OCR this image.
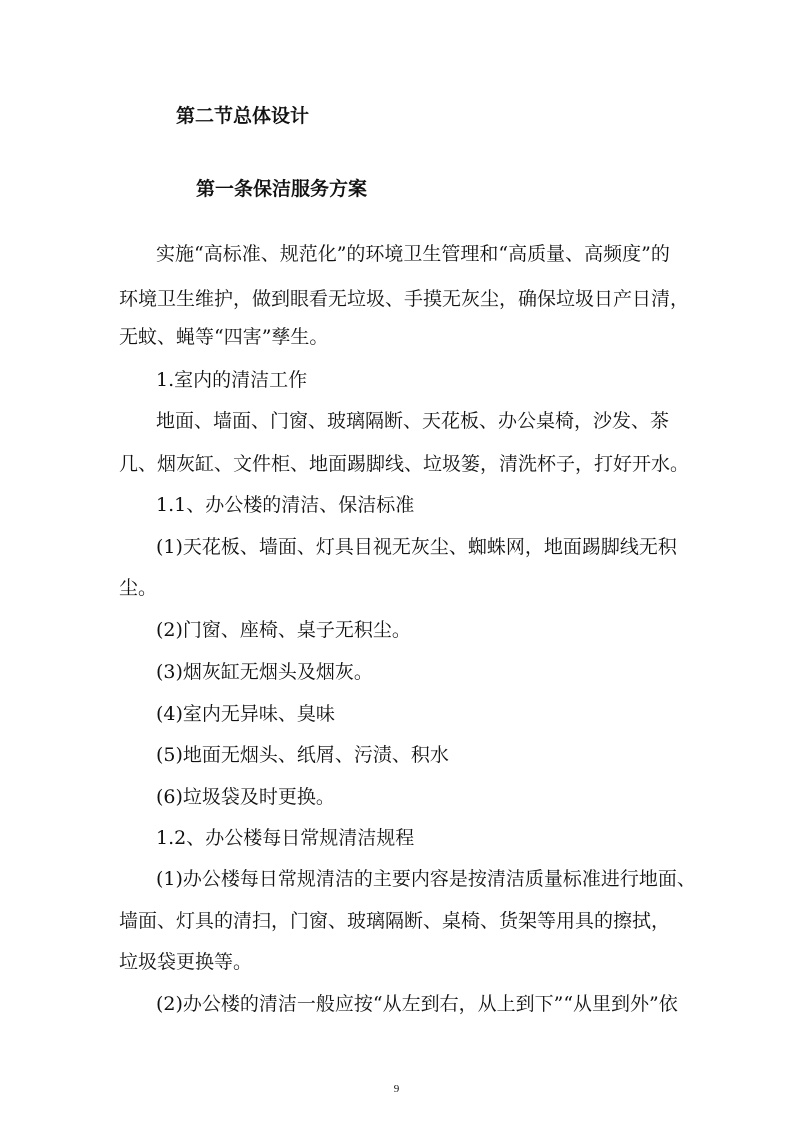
第二节总体设计
第一条保洁服务方案

实施“高标准、规范化”的环境卫生管理和“高质量、高频度”的

环境卫生维护，做到眼看无垃圾、手摸无灰尘，确保垃圾日产日清，

无蚊、蝇等“四害”孳生。

1.室内的清洁工作

地面、墙面、门窗、玻璃隔断、天花板、办公桌椅，沙发、茶

几、烟灰缸、文件柜、地面踢脚线、垃圾篓，清洗杯子，打好开水。

1.1、办公楼的清洁、保洁标准

(1)天花板、墙面、灯具目视无灰尘、蜘蛛网，地面踢脚线无积

尘。

(2)门窗、座椅、桌子无积尘。

(3)烟灰缸无烟头及烟灰。

(4)室内无异味、臭味

(5)地面无烟头、纸屑、污渍、积水

(6)垃圾袋及时更换。

1.2、办公楼每日常规清洁规程

(1)办公楼每日常规清洁的主要内容是按清洁质量标准进行地面、

墙面、灯具的清扫，门窗、玻璃隔断、桌椅、货架等用具的擦拭，

垃圾袋更换等。

(2)办公楼的清洁一般应按“从左到右，从上到下”“从里到外”依

9
